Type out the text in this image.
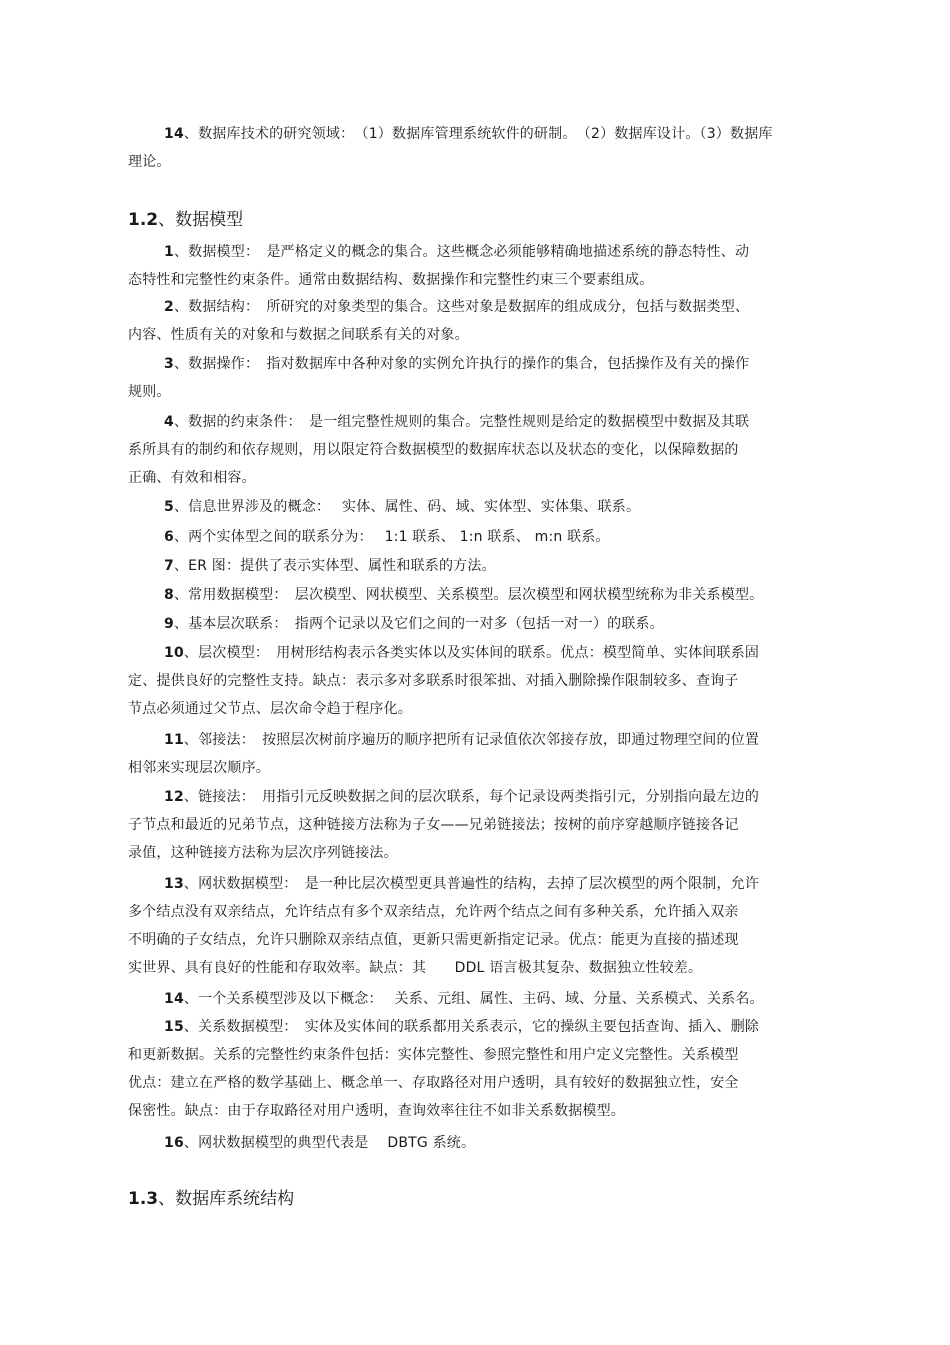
14、数据库技术的研究领域：　（1）数据库管理系统软件的研制。　（2）数据库设计。（3）数据库
理论。
1.2、数据模型
1、数据模型：　是严格定义的概念的集合。这些概念必须能够精确地描述系统的静态特性、动
态特性和完整性约束条件。通常由数据结构、数据操作和完整性约束三个要素组成。
2、数据结构：　所研究的对象类型的集合。这些对象是数据库的组成成分，包括与数据类型、
内容、性质有关的对象和与数据之间联系有关的对象。
3、数据操作：　指对数据库中各种对象的实例允许执行的操作的集合，包括操作及有关的操作
规则。
4、数据的约束条件：　是一组完整性规则的集合。完整性规则是给定的数据模型中数据及其联
系所具有的制约和依存规则，用以限定符合数据模型的数据库状态以及状态的变化，以保障数据的
正确、有效和相容。
5、信息世界涉及的概念：　 实体、属性、码、域、实体型、实体集、联系。
6、两个实体型之间的联系分为：　 1:1 联系、 1:n 联系、 m:n 联系。
7、ER 图：提供了表示实体型、属性和联系的方法。
8、常用数据模型：　层次模型、网状模型、关系模型。层次模型和网状模型统称为非关系模型。
9、基本层次联系：　指两个记录以及它们之间的一对多（包括一对一）的联系。
10、层次模型：　用树形结构表示各类实体以及实体间的联系。优点：模型简单、实体间联系固
定、提供良好的完整性支持。缺点：表示多对多联系时很笨拙、对插入删除操作限制较多、查询子
节点必须通过父节点、层次命令趋于程序化。
11、邻接法：　按照层次树前序遍历的顺序把所有记录值依次邻接存放，即通过物理空间的位置
相邻来实现层次顺序。
12、链接法：　用指引元反映数据之间的层次联系，每个记录设两类指引元，分别指向最左边的
子节点和最近的兄弟节点，这种链接方法称为子女——兄弟链接法；按树的前序穿越顺序链接各记
录值，这种链接方法称为层次序列链接法。
13、网状数据模型：　是一种比层次模型更具普遍性的结构，去掉了层次模型的两个限制，允许
多个结点没有双亲结点，允许结点有多个双亲结点，允许两个结点之间有多种关系，允许插入双亲
不明确的子女结点，允许只删除双亲结点值，更新只需更新指定记录。优点：能更为直接的描述现
实世界、具有良好的性能和存取效率。缺点：其　　DDL 语言极其复杂、数据独立性较差。
14、一个关系模型涉及以下概念：　 关系、元组、属性、主码、域、分量、关系模式、关系名。
15、关系数据模型：　实体及实体间的联系都用关系表示，它的操纵主要包括查询、插入、删除
和更新数据。关系的完整性约束条件包括：实体完整性、参照完整性和用户定义完整性。关系模型
优点：建立在严格的数学基础上、概念单一、存取路径对用户透明，具有较好的数据独立性，安全
保密性。缺点：由于存取路径对用户透明，查询效率往往不如非关系数据模型。
16、网状数据模型的典型代表是　 DBTG 系统。
1.3、数据库系统结构
